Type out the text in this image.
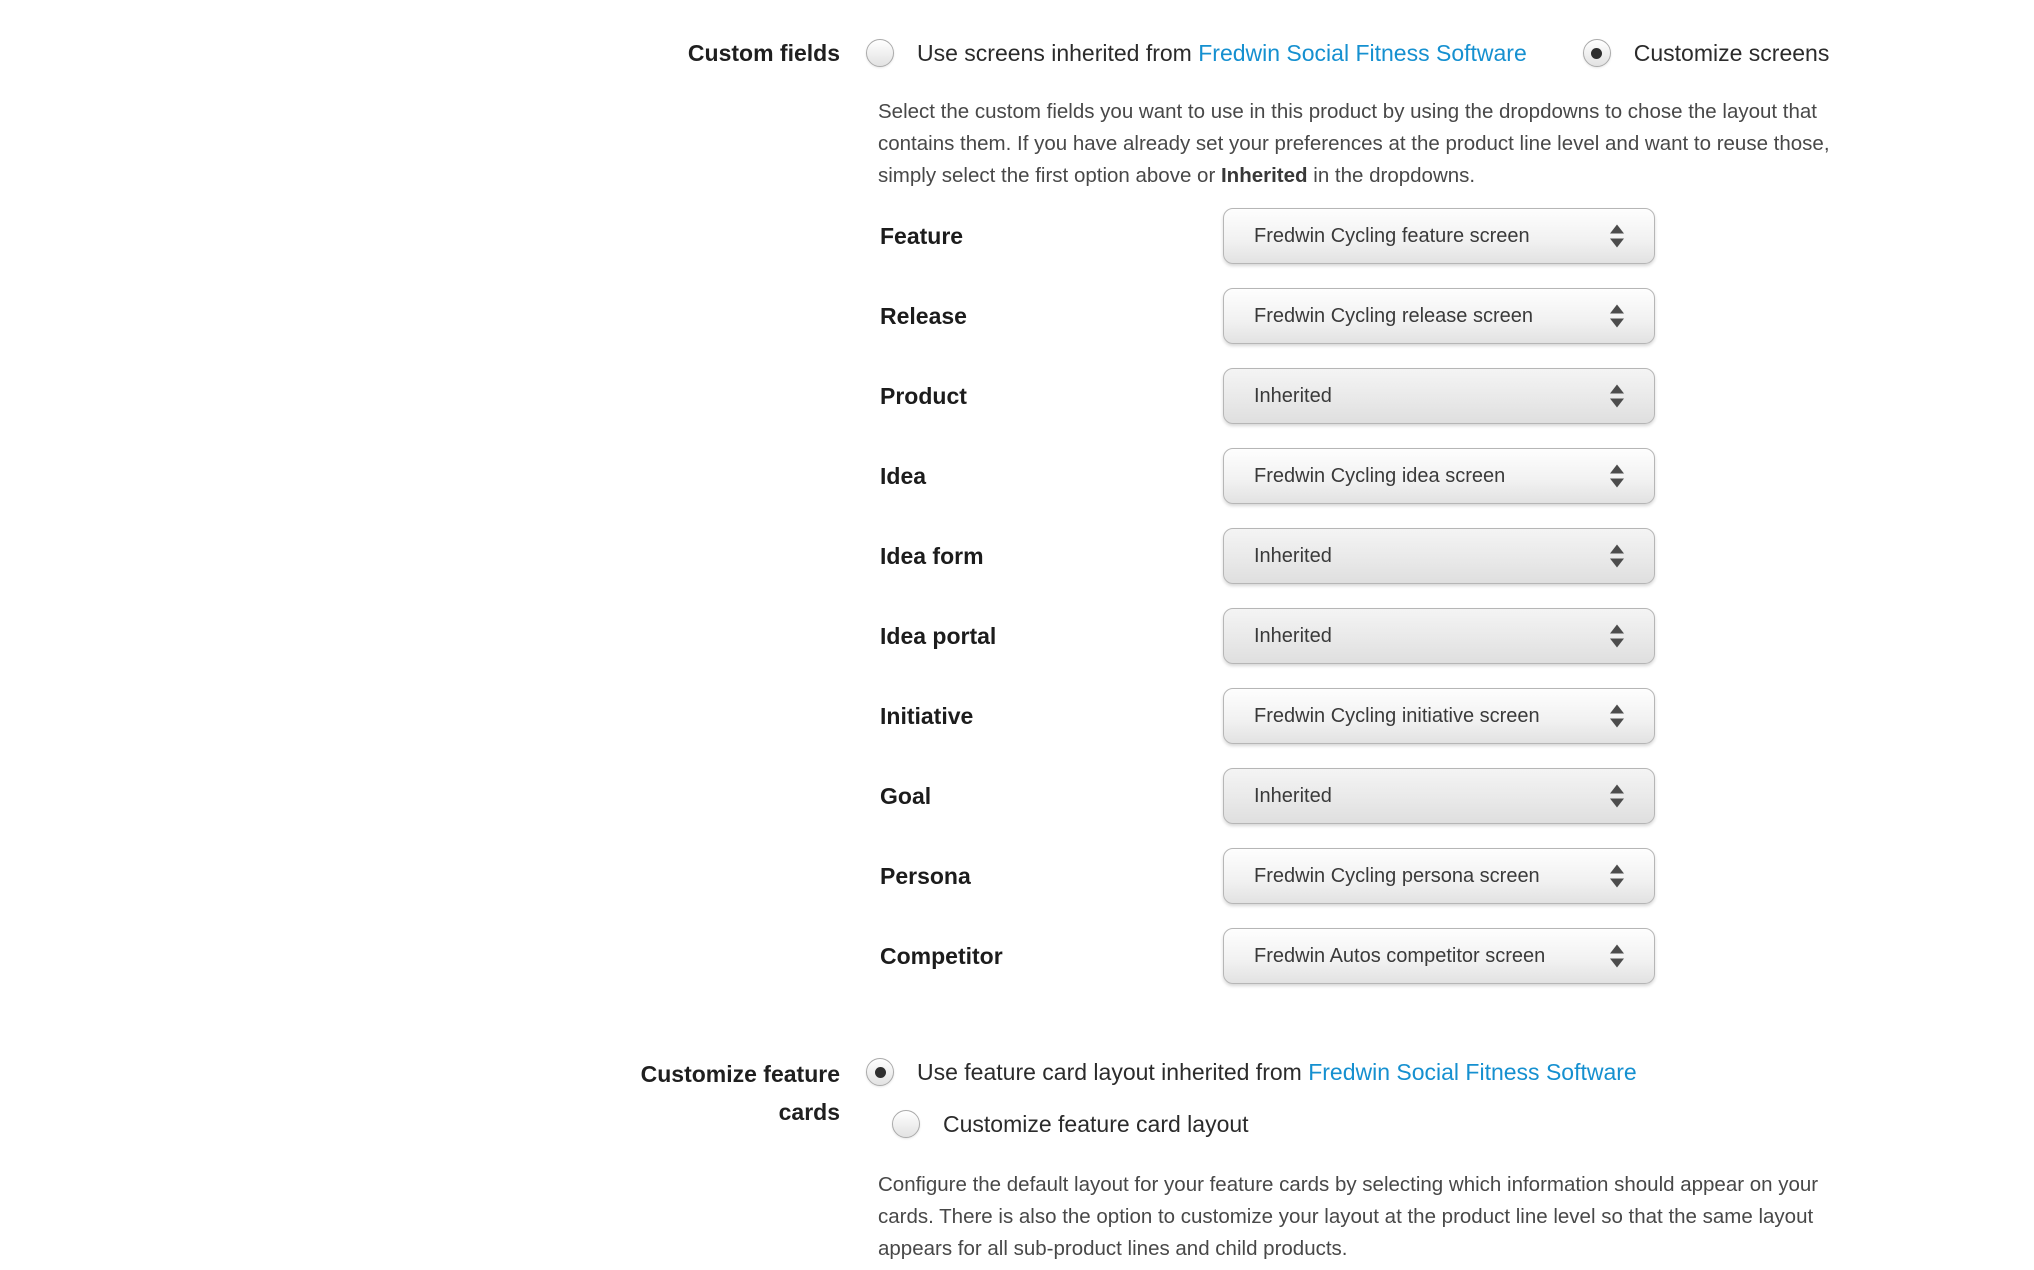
Custom fields	Use screens inherited from Fredwin Social Fitness Software	Customize screens
Select the custom fields you want to use in this product by using the dropdowns to chose the layout that
contains them. If you have already set your preferences at the product line level and want to reuse those,
simply select the first option above or Inherited in the dropdowns.
Feature	Fredwin Cycling feature screen
Release	Fredwin Cycling release screen
Product	Inherited
Idea	Fredwin Cycling idea screen
Idea form	Inherited
Idea portal	Inherited
Initiative	Fredwin Cycling initiative screen
Goal	Inherited
Persona	Fredwin Cycling persona screen
Competitor	Fredwin Autos competitor screen
Customize feature
cards
Use feature card layout inherited from Fredwin Social Fitness Software
Customize feature card layout
Configure the default layout for your feature cards by selecting which information should appear on your
cards. There is also the option to customize your layout at the product line level so that the same layout
appears for all sub-product lines and child products.
